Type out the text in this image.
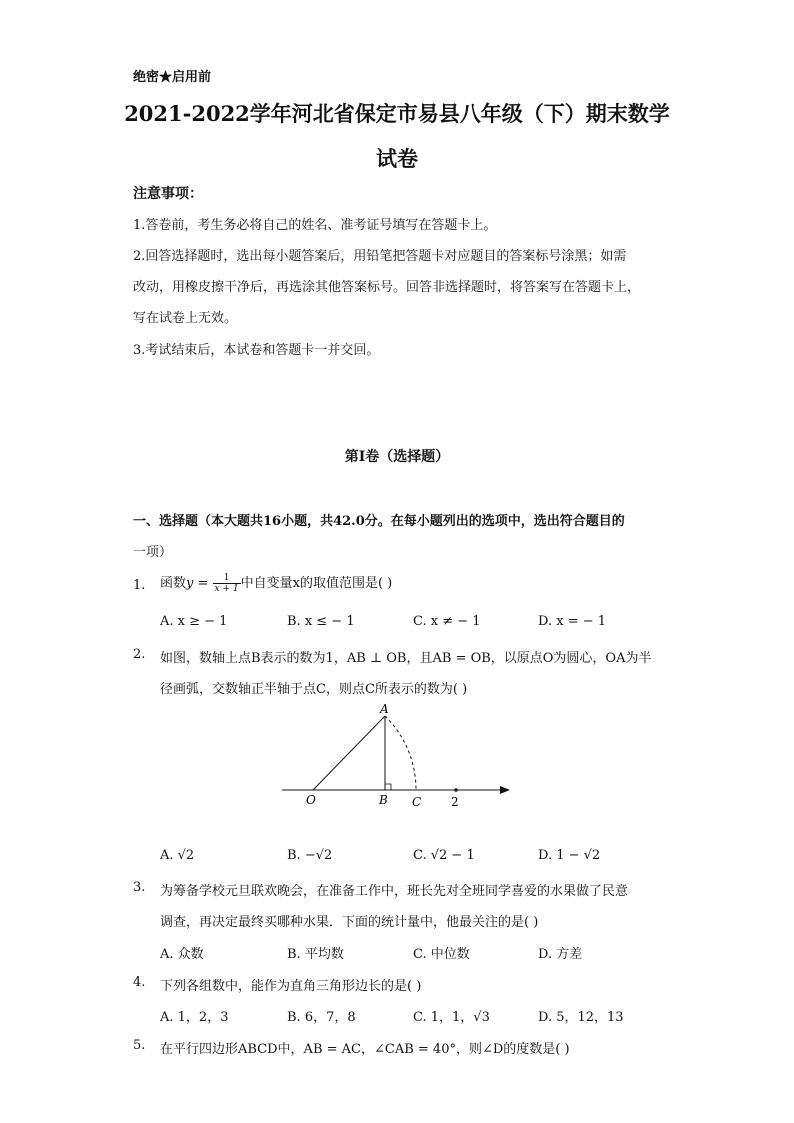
绝密★启用前
2021-2022学年河北省保定市易县八年级（下）期末数学
试卷
注意事项：
1.答卷前，考生务必将自己的姓名、准考证号填写在答题卡上。
2.回答选择题时，选出每小题答案后，用铅笔把答题卡对应题目的答案标号涂黑；如需
改动，用橡皮擦干净后，再选涂其他答案标号。回答非选择题时，将答案写在答题卡上，
写在试卷上无效。
3.考试结束后，本试卷和答题卡一并交回。
第I卷（选择题）
一、选择题（本大题共16小题，共42.0分。在每小题列出的选项中，选出符合题目的
一项）
1. 函数$y = \frac{1}{x + 1}$ 中自变量x的取值范围是( )
A. x ≥ − 1	B. x ≤ − 1	C. x ≠ − 1	D. x = − 1
2. 如图，数轴上点B表示的数为1，AB ⊥ OB，且AB = OB，以原点O为圆心，OA为半
径画弧，交数轴正半轴于点C，则点C所表示的数为( )
A
O	B C 2
A. √2	B. −√2	C. √2 − 1	D. 1 − √2
3. 为筹备学校元旦联欢晚会，在准备工作中，班长先对全班同学喜爱的水果做了民意
调查，再决定最终买哪种水果．下面的统计量中，他最关注的是( )
A. 众数	B. 平均数	C. 中位数	D. 方差
4. 下列各组数中，能作为直角三角形边长的是( )
A. 1，2，3	B. 6，7，8	C. 1，1，√3	D. 5，12，13
5. 在平行四边形ABCD中，AB = AC，∠CAB = 40°，则∠D的度数是( )
